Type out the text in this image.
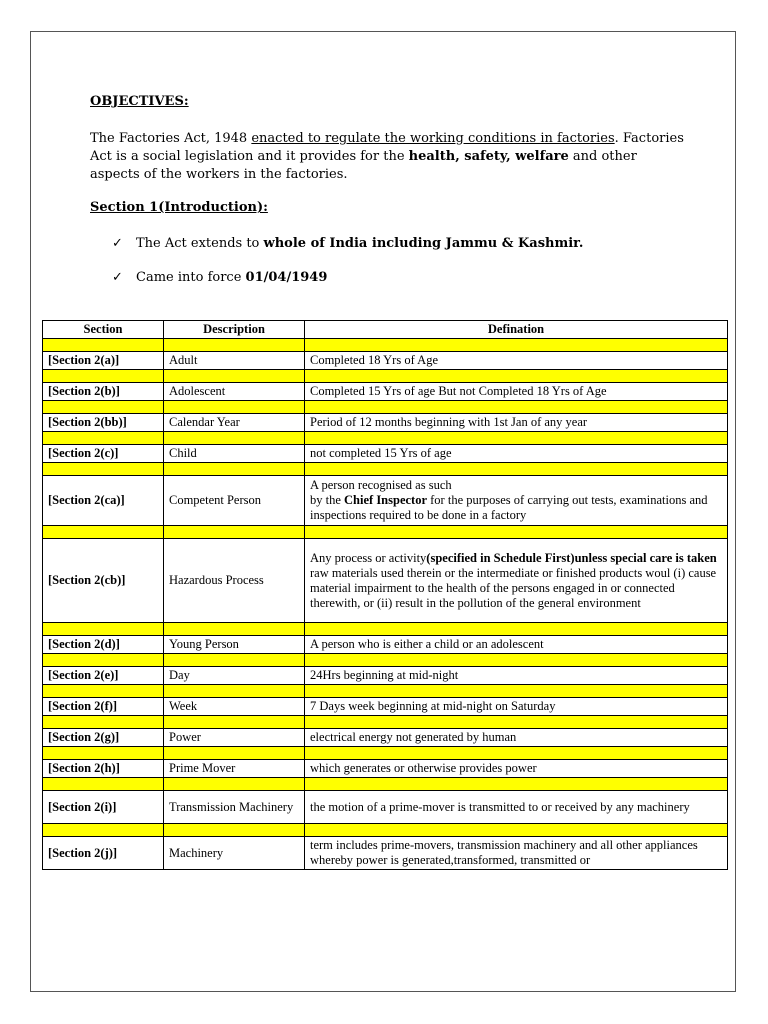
OBJECTIVES:
The Factories Act, 1948 enacted to regulate the working conditions in factories. Factories Act is a social legislation and it provides for the health, safety, welfare and other aspects of the workers in the factories.
Section 1(Introduction):
✓ The Act extends to whole of India including Jammu & Kashmir.
✓ Came into force 01/04/1949
Section	Description	Defination

[Section 2(a)]	Adult	Completed 18 Yrs of Age

[Section 2(b)]	Adolescent	Completed 15 Yrs of age But not Completed 18 Yrs of Age

[Section 2(bb)]	Calendar Year	Period of 12 months beginning with 1st Jan of any year

[Section 2(c)]	Child	not completed 15 Yrs of age

[Section 2(ca)]	Competent Person	A person recognised as such
by the Chief Inspector for the purposes of carrying out tests, examinations and inspections required to be done in a factory

[Section 2(cb)]	Hazardous Process	Any process or activity(specified in Schedule First)unless special care is taken raw materials used therein or the intermediate or finished products woul (i) cause material impairment to the health of the persons engaged in or connected therewith, or (ii) result in the pollution of the general environment

[Section 2(d)]	Young Person	A person who is either a child or an adolescent

[Section 2(e)]	Day	24Hrs beginning at mid-night

[Section 2(f)]	Week	7 Days week beginning at mid-night on Saturday

[Section 2(g)]	Power	electrical energy not generated by human

[Section 2(h)]	Prime Mover	which generates or otherwise provides power

[Section 2(i)]	Transmission Machinery	the motion of a prime-mover is transmitted to or received by any machinery

[Section 2(j)]	Machinery	term includes prime-movers, transmission machinery and all other appliances whereby power is generated,transformed, transmitted or
